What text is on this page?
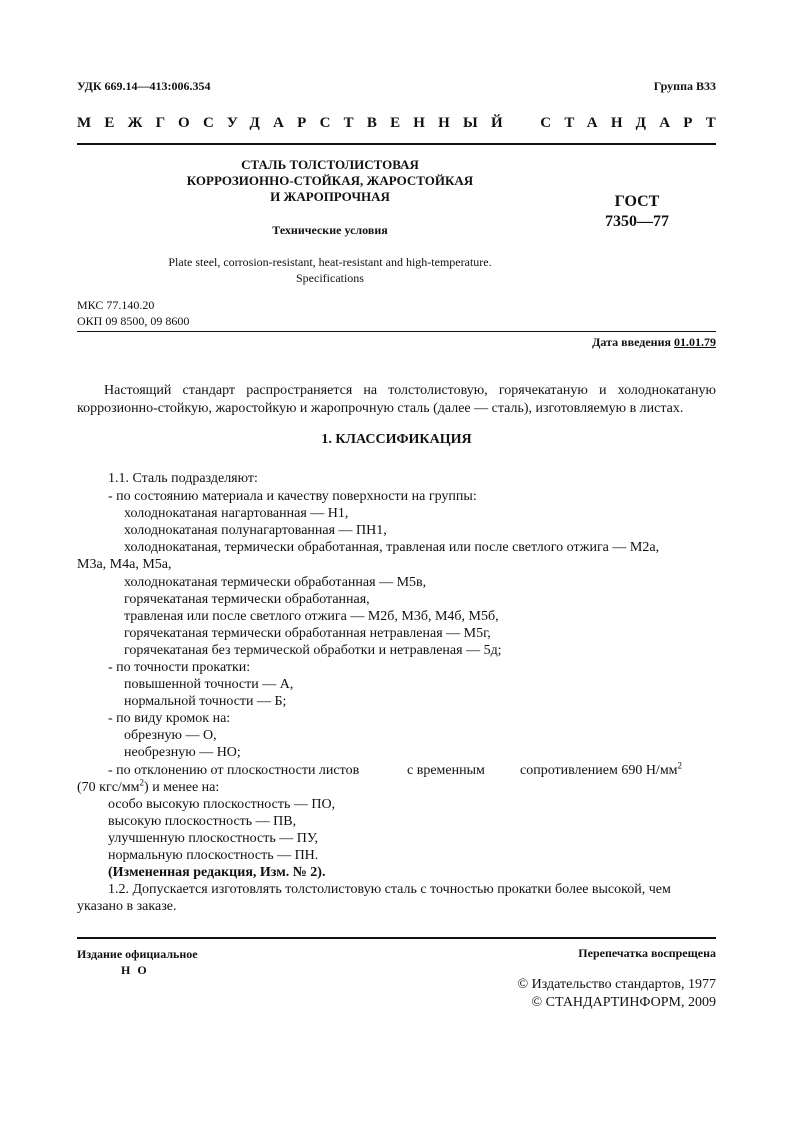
УДК 669.14—413:006.354	Группа В33
МЕЖГОСУДАРСТВЕННЫЙ СТАНДАРТ
СТАЛЬ ТОЛСТОЛИСТОВАЯ
КОРРОЗИОННО-СТОЙКАЯ, ЖАРОСТОЙКАЯ
И ЖАРОПРОЧНАЯ	ГОСТ
7350—77
Технические условия
Plate steel, corrosion-resistant, heat-resistant and high-temperature.
Specifications
МКС 77.140.20
ОКП 09 8500, 09 8600
Дата введения 01.01.79
Настоящий стандарт распространяется на толстолистовую, горячекатаную и холоднокатаную коррозионно-стойкую, жаростойкую и жаропрочную сталь (далее — сталь), изготовляемую в листах.
1. КЛАССИФИКАЦИЯ
1.1. Сталь подразделяют:
- по состоянию материала и качеству поверхности на группы:
холоднокатаная нагартованная — Н1,
холоднокатаная полунагартованная — ПН1,
холоднокатаная, термически обработанная, травленая или после светлого отжига — М2а,
М3а, М4а, М5а,
холоднокатаная термически обработанная — М5в,
горячекатаная термически обработанная,
травленая или после светлого отжига — М2б, М3б, М4б, М5б,
горячекатаная термически обработанная нетравленая — М5г,
горячекатаная без термической обработки и нетравленая — 5д;
- по точности прокатки:
повышенной точности — А,
нормальной точности — Б;
- по виду кромок на:
обрезную — О,
необрезную — НО;
- по отклонению от плоскостности листов	с временным	сопротивлением 690 $Н/мм^2$
(70 кгс/$мм^2$) и менее на:
особо высокую плоскостность — ПО,
высокую плоскостность — ПВ,
улучшенную плоскостность — ПУ,
нормальную плоскостность — ПН.
(Измененная редакция, Изм. № 2).
1.2. Допускается изготовлять толстолистовую сталь с точностью прокатки более высокой, чем
указано в заказе.
Издание официальное
Н О
Перепечатка воспрещена
© Издательство стандартов, 1977
© СТАНДАРТИНФОРМ, 2009
